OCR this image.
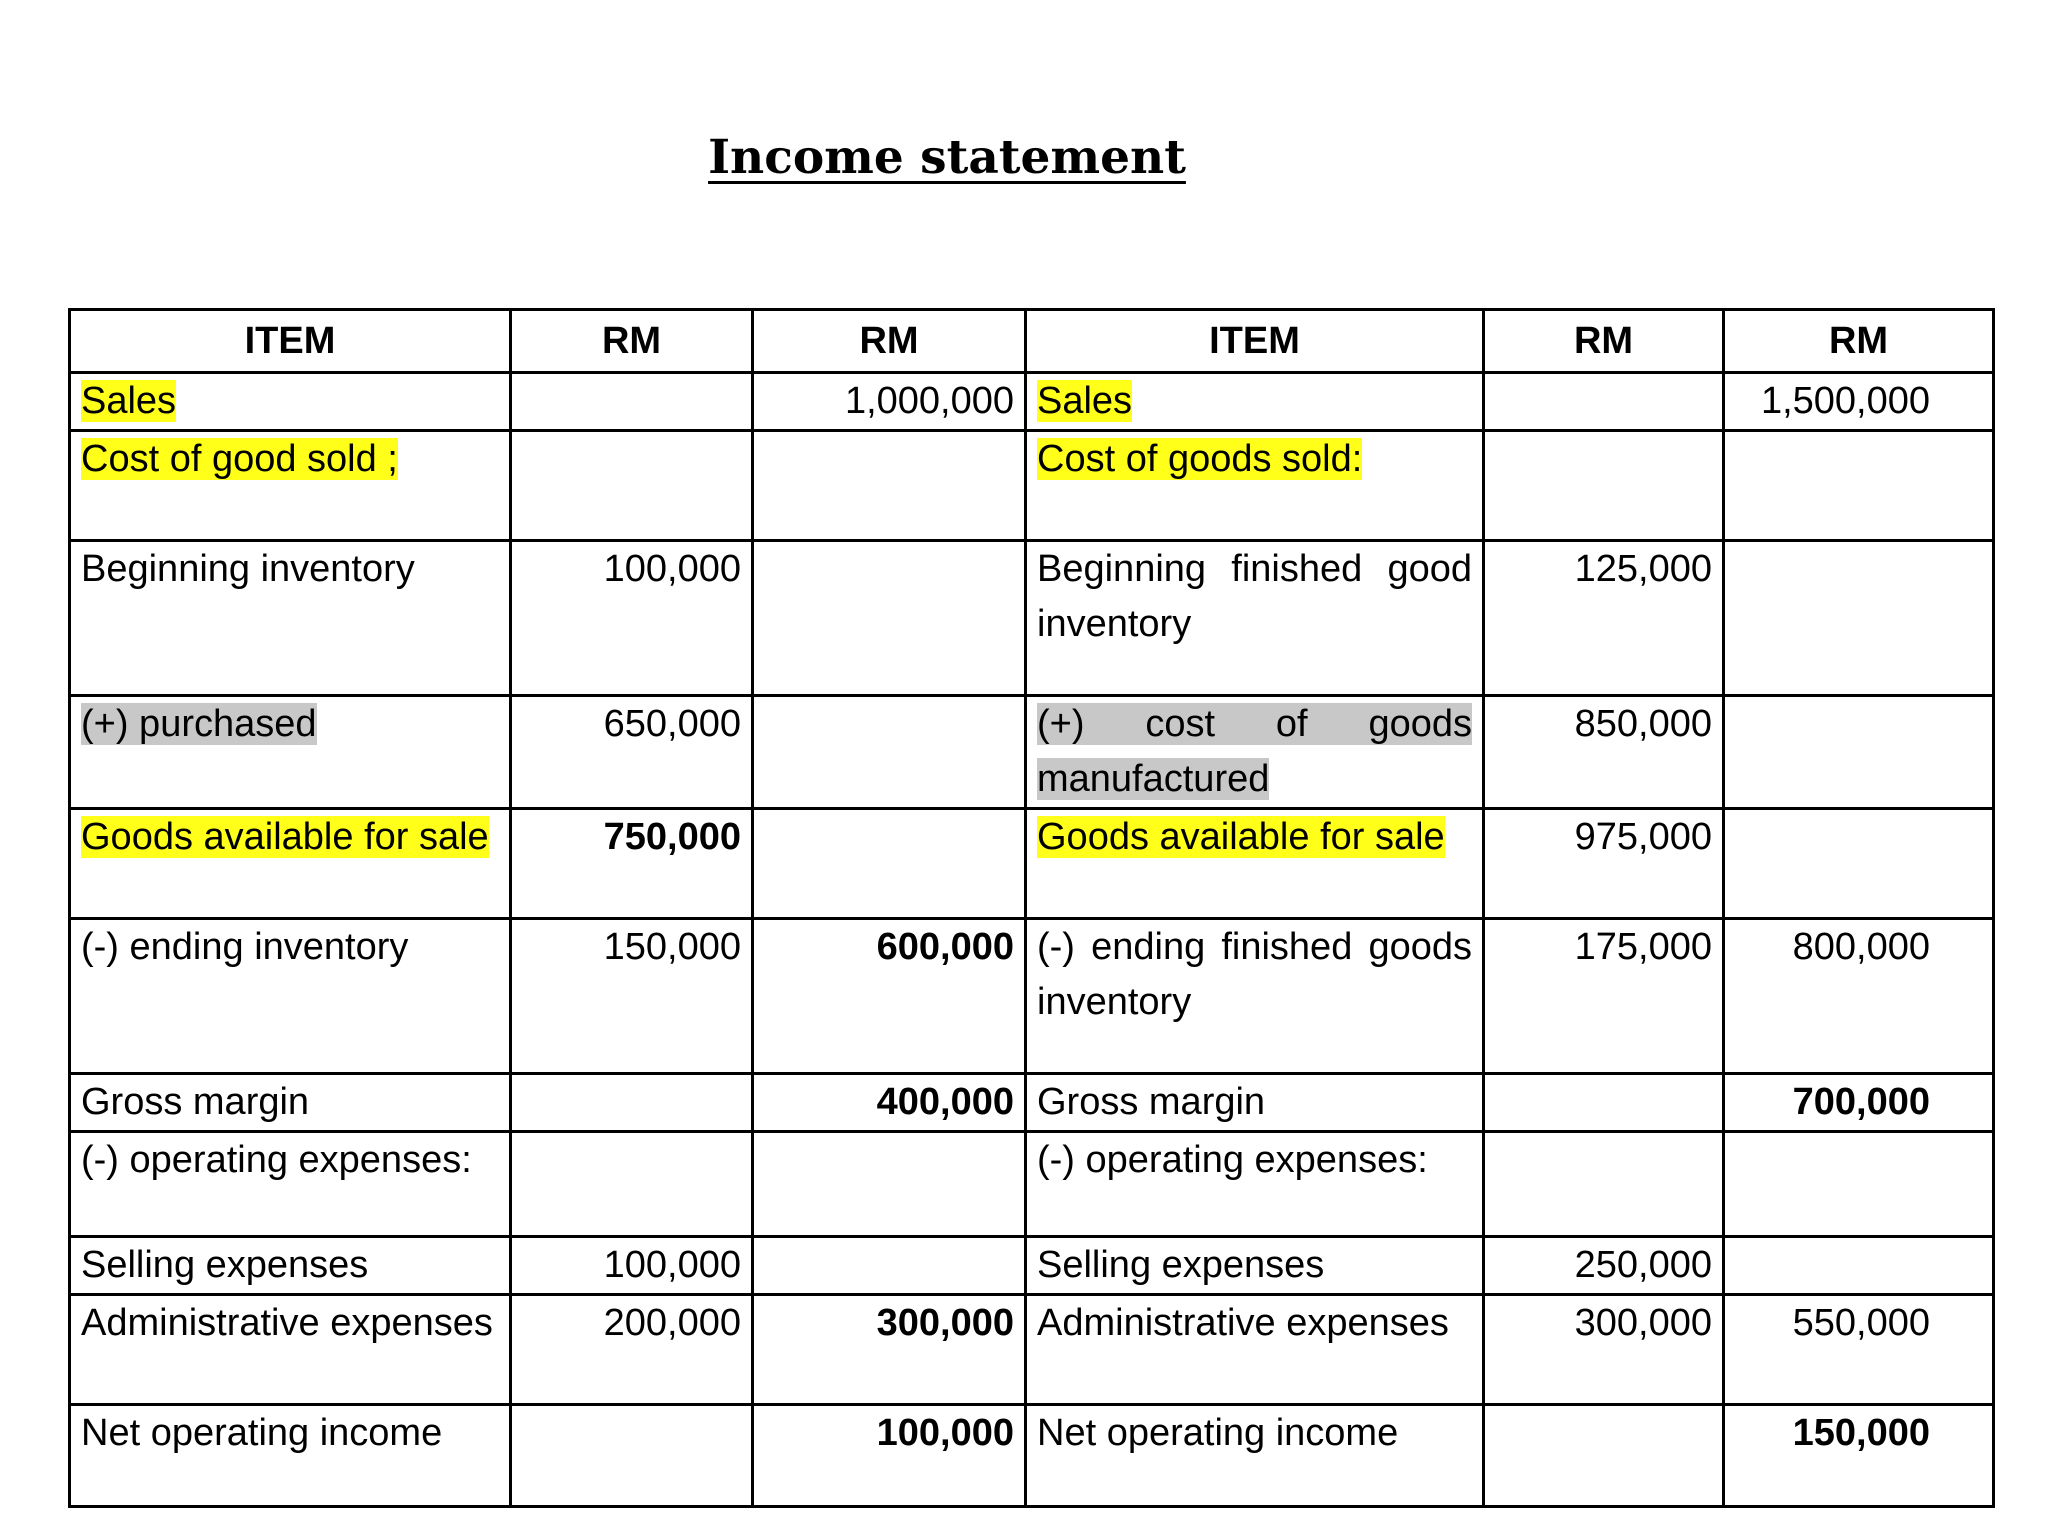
Income statement
ITEM	RM	RM	ITEM	RM	RM
Sales		1,000,000	Sales		1,500,000
Cost of good sold ;			Cost of goods sold:		
Beginning inventory	100,000		Beginning finished good inventory	125,000	
(+) purchased	650,000		(+) cost of goods manufactured	850,000	
Goods available for sale	750,000		Goods available for sale	975,000	
(-) ending inventory	150,000	600,000	(-) ending finished goods inventory	175,000	800,000
Gross margin		400,000	Gross margin		700,000
(-) operating expenses:			(-) operating expenses:		
Selling expenses	100,000		Selling expenses	250,000	
Administrative expenses	200,000	300,000	Administrative expenses	300,000	550,000
Net operating income		100,000	Net operating income		150,000
